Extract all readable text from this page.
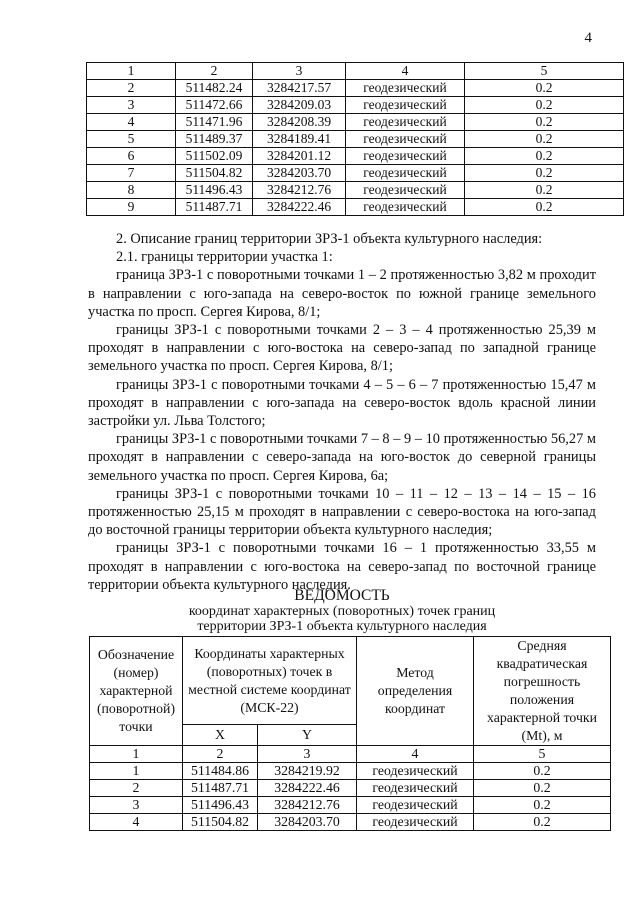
4
1	2	3	4	5
2	511482.24	3284217.57	геодезический	0.2
3	511472.66	3284209.03	геодезический	0.2
4	511471.96	3284208.39	геодезический	0.2
5	511489.37	3284189.41	геодезический	0.2
6	511502.09	3284201.12	геодезический	0.2
7	511504.82	3284203.70	геодезический	0.2
8	511496.43	3284212.76	геодезический	0.2
9	511487.71	3284222.46	геодезический	0.2

2. Описание границ территории ЗРЗ-1 объекта культурного наследия:

2.1. границы территории участка 1:

граница ЗРЗ-1 с поворотными точками 1 – 2 протяженностью 3,82 м проходит в направлении с юго-запада на северо-восток по южной границе земельного участка по просп. Сергея Кирова, 8/1;

границы ЗРЗ-1 с поворотными точками 2 – 3 – 4 протяженностью 25,39 м проходят в направлении с юго-востока на северо-запад по западной границе земельного участка по просп. Сергея Кирова, 8/1;

границы ЗРЗ-1 с поворотными точками 4 – 5 – 6 – 7 протяженностью 15,47 м проходят в направлении с юго-запада на северо-восток вдоль красной линии застройки ул. Льва Толстого;

границы ЗРЗ-1 с поворотными точками 7 – 8 – 9 – 10 протяженностью 56,27 м проходят в направлении с северо-запада на юго-восток до северной границы земельного участка по просп. Сергея Кирова, 6а;

границы ЗРЗ-1 с поворотными точками 10 – 11 – 12 – 13 – 14 – 15 – 16 протяженностью 25,15 м проходят в направлении с северо-востока на юго-запад до восточной границы территории объекта культурного наследия;

границы ЗРЗ-1 с поворотными точками 16 – 1 протяженностью 33,55 м проходят в направлении с юго-востока на северо-запад по восточной границе территории объекта культурного наследия.

ВЕДОМОСТЬ
координат характерных (поворотных) точек границ
территории ЗРЗ-1 объекта культурного наследия
Обозначение (номер) характерной (поворотной) точки	Координаты характерных (поворотных) точек в местной системе координат (МСК-22)		Метод определения координат	Средняя квадратическая погрешность положения характерной точки (Mt), м
	X	Y		
1	2	3	4	5
1	511484.86	3284219.92	геодезический	0.2
2	511487.71	3284222.46	геодезический	0.2
3	511496.43	3284212.76	геодезический	0.2
4	511504.82	3284203.70	геодезический	0.2
